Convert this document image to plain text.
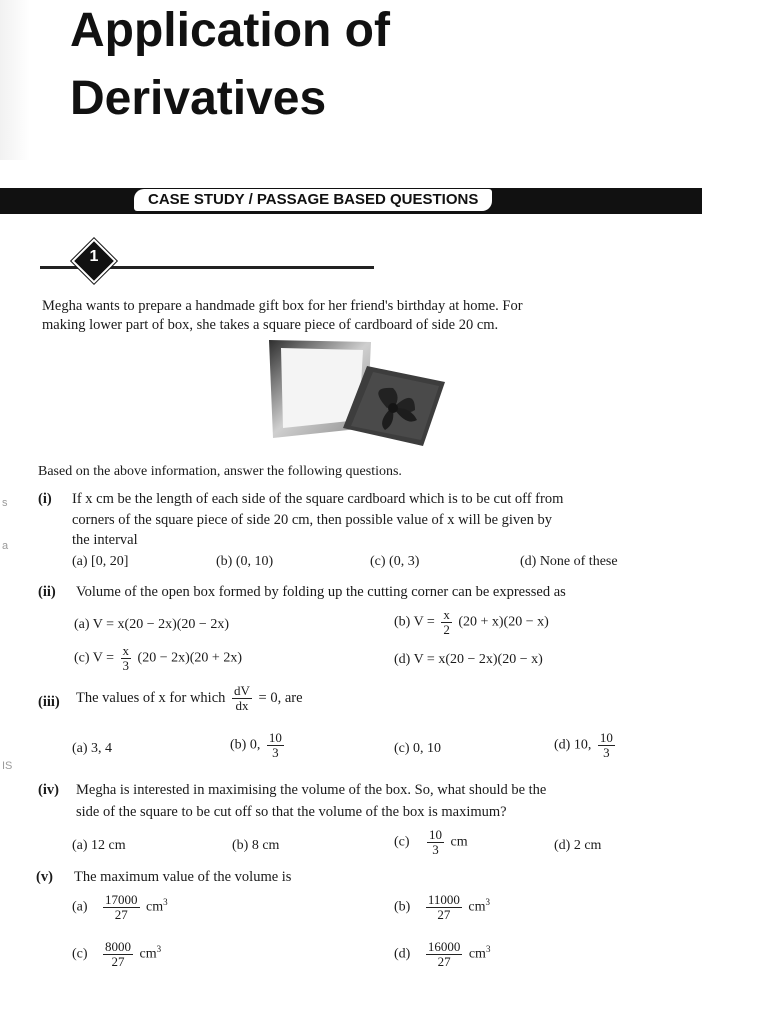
a
s
IS
Application of
Derivatives
CASE STUDY / PASSAGE BASED QUESTIONS
1
Megha wants to prepare a handmade gift box for her friend's birthday at home. For
making lower part of box, she takes a square piece of cardboard of side 20 cm.
Based on the above information, answer the following questions.
(i) If x cm be the length of each side of the square cardboard which is to be cut off from
corners of the square piece of side 20 cm, then possible value of x will be given by
the interval
(a) [0, 20]	(b) (0, 10)	(c) (0, 3)	(d) None of these
(ii) Volume of the open box formed by folding up the cutting corner can be expressed as
(a) V = x(20 − 2x)(20 − 2x)	(b) $V = \frac{x}{2} (20 + x)(20 - x)$
(c) $V = \frac{x}{3} (20 - 2x)(20 + 2x)$	(d) V = x(20 − 2x)(20 − x)
(iii) The values of x for which $\frac{dV}{dx} = 0$, are
(a) 3, 4	(b) 0, $\frac{10}{3}$	(c) 0, 10	(d) 10, $\frac{10}{3}$
(iv) Megha is interested in maximising the volume of the box. So, what should be the
side of the square to be cut off so that the volume of the box is maximum?
(a) 12 cm	(b) 8 cm	$(c) \frac{10}{3}$ cm	(d) 2 cm
(v) The maximum value of the volume is
$(a) \frac{17000}{27} cm^3$	$(b) \frac{11000}{27} cm^3$
$(c) \frac{8000}{27} cm^3$	$(d) \frac{16000}{27} cm^3$
